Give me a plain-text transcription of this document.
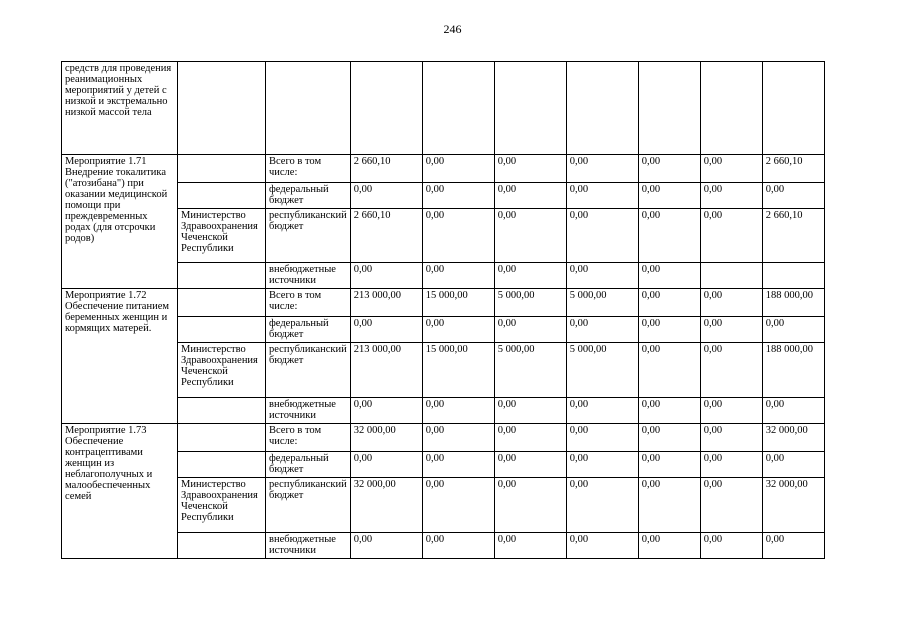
246
средств для проведения реанимационных мероприятий у детей с низкой и экстремально низкой массой тела									
Мероприятие 1.71 Внедрение токалитика ("атозибана") при оказании медицинской помощи при преждевременных родах (для отсрочки родов)		Всего в том числе:	2 660,10	0,00	0,00	0,00	0,00	0,00	2 660,10
		федеральный бюджет	0,00	0,00	0,00	0,00	0,00	0,00	0,00
	Министерство Здравоохранения Чеченской Республики	республиканский бюджет	2 660,10	0,00	0,00	0,00	0,00	0,00	2 660,10
		внебюджетные источники	0,00	0,00	0,00	0,00	0,00		
Мероприятие 1.72 Обеспечение питанием беременных женщин и кормящих матерей.		Всего в том числе:	213 000,00	15 000,00	5 000,00	5 000,00	0,00	0,00	188 000,00
		федеральный бюджет	0,00	0,00	0,00	0,00	0,00	0,00	0,00
	Министерство Здравоохранения Чеченской Республики	республиканский бюджет	213 000,00	15 000,00	5 000,00	5 000,00	0,00	0,00	188 000,00
		внебюджетные источники	0,00	0,00	0,00	0,00	0,00	0,00	0,00
Мероприятие 1.73 Обеспечение контрацептивами женщин из неблагополучных и малообеспеченных семей		Всего в том числе:	32 000,00	0,00	0,00	0,00	0,00	0,00	32 000,00
		федеральный бюджет	0,00	0,00	0,00	0,00	0,00	0,00	0,00
	Министерство Здравоохранения Чеченской Республики	республиканский бюджет	32 000,00	0,00	0,00	0,00	0,00	0,00	32 000,00
		внебюджетные источники	0,00	0,00	0,00	0,00	0,00	0,00	0,00
